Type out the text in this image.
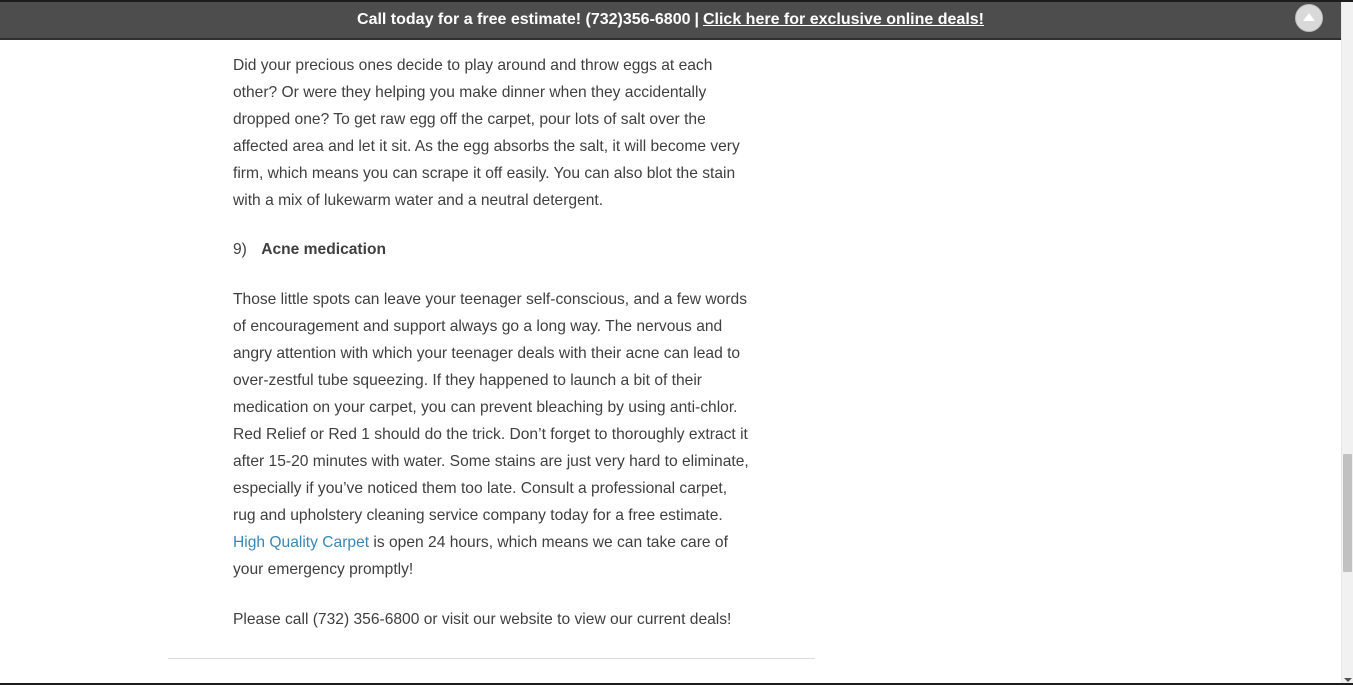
Call today for a free estimate! (732)356-6800 | Click here for exclusive online deals!

Did your precious ones decide to play around and throw eggs at each other? Or were they helping you make dinner when they accidentally dropped one? To get raw egg off the carpet, pour lots of salt over the affected area and let it sit. As the egg absorbs the salt, it will become very firm, which means you can scrape it off easily. You can also blot the stain with a mix of lukewarm water and a neutral detergent.

9) Acne medication

Those little spots can leave your teenager self-conscious, and a few words of encouragement and support always go a long way. The nervous and angry attention with which your teenager deals with their acne can lead to over-zestful tube squeezing. If they happened to launch a bit of their medication on your carpet, you can prevent bleaching by using anti-chlor. Red Relief or Red 1 should do the trick. Don’t forget to thoroughly extract it after 15-20 minutes with water. Some stains are just very hard to eliminate, especially if you’ve noticed them too late. Consult a professional carpet, rug and upholstery cleaning service company today for a free estimate. High Quality Carpet is open 24 hours, which means we can take care of your emergency promptly!

Please call (732) 356-6800 or visit our website to view our current deals!
